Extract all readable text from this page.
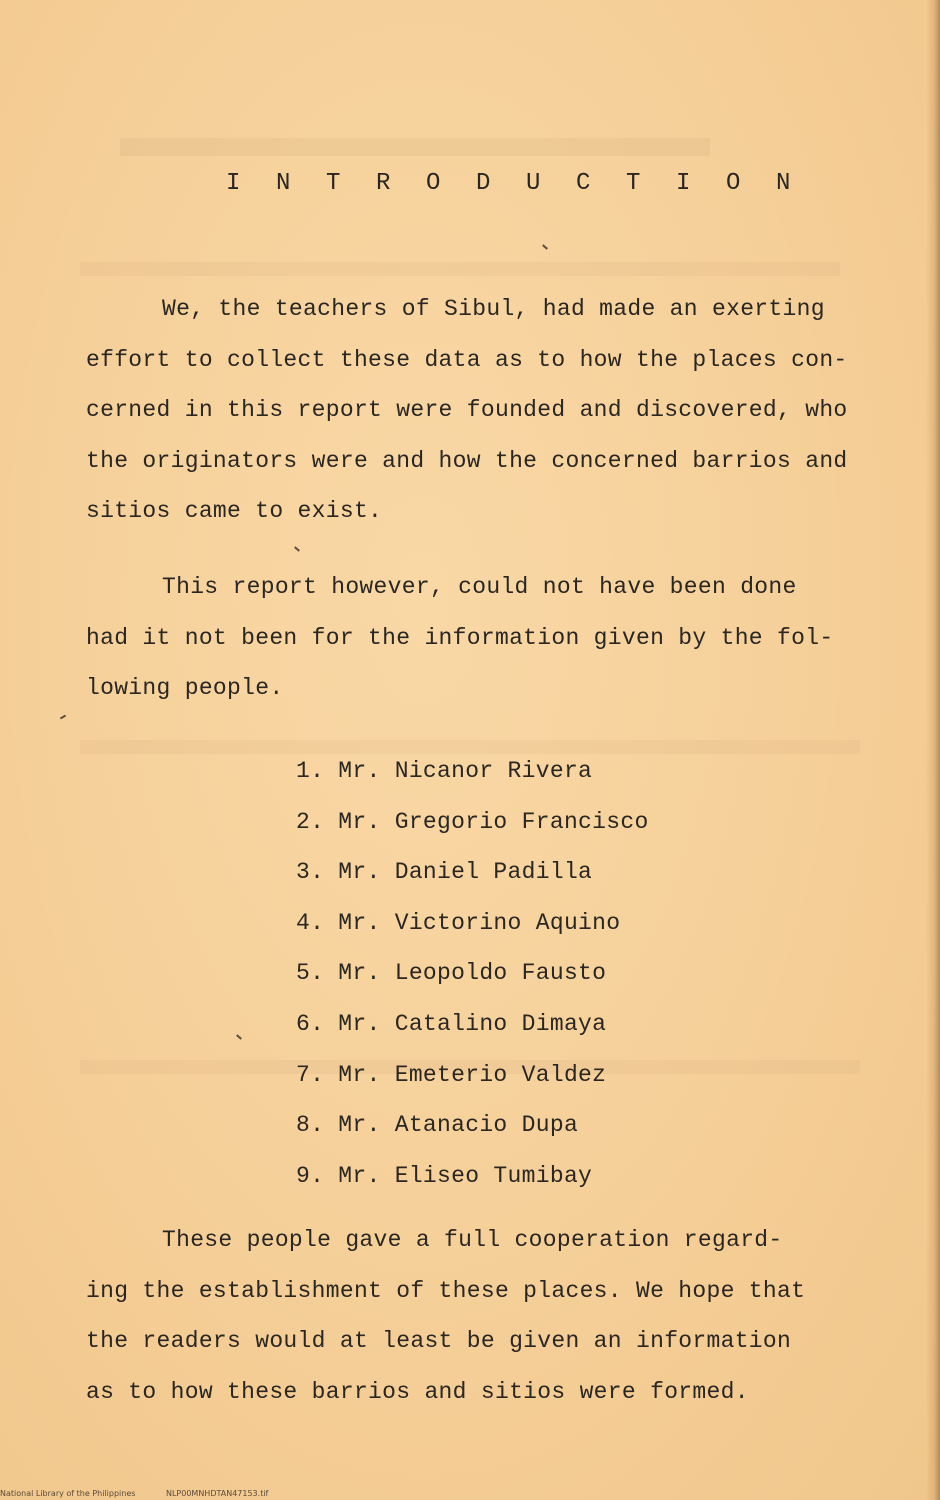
I N T R O D U C T I O N
We, the teachers of Sibul, had made an exerting
effort to collect these data as to how the places con-
cerned in this report were founded and discovered, who
the originators were and how the concerned barrios and
sitios came to exist.
This report however, could not have been done
had it not been for the information given by the fol-
lowing people.
1. Mr. Nicanor Rivera
2. Mr. Gregorio Francisco
3. Mr. Daniel Padilla
4. Mr. Victorino Aquino
5. Mr. Leopoldo Fausto
6. Mr. Catalino Dimaya
7. Mr. Emeterio Valdez
8. Mr. Atanacio Dupa
9. Mr. Eliseo Tumibay
These people gave a full cooperation regard-
ing the establishment of these places. We hope that
the readers would at least be given an information
as to how these barrios and sitios were formed.
National Library of the Philippines	NLP00MNHDTAN47153.tif
